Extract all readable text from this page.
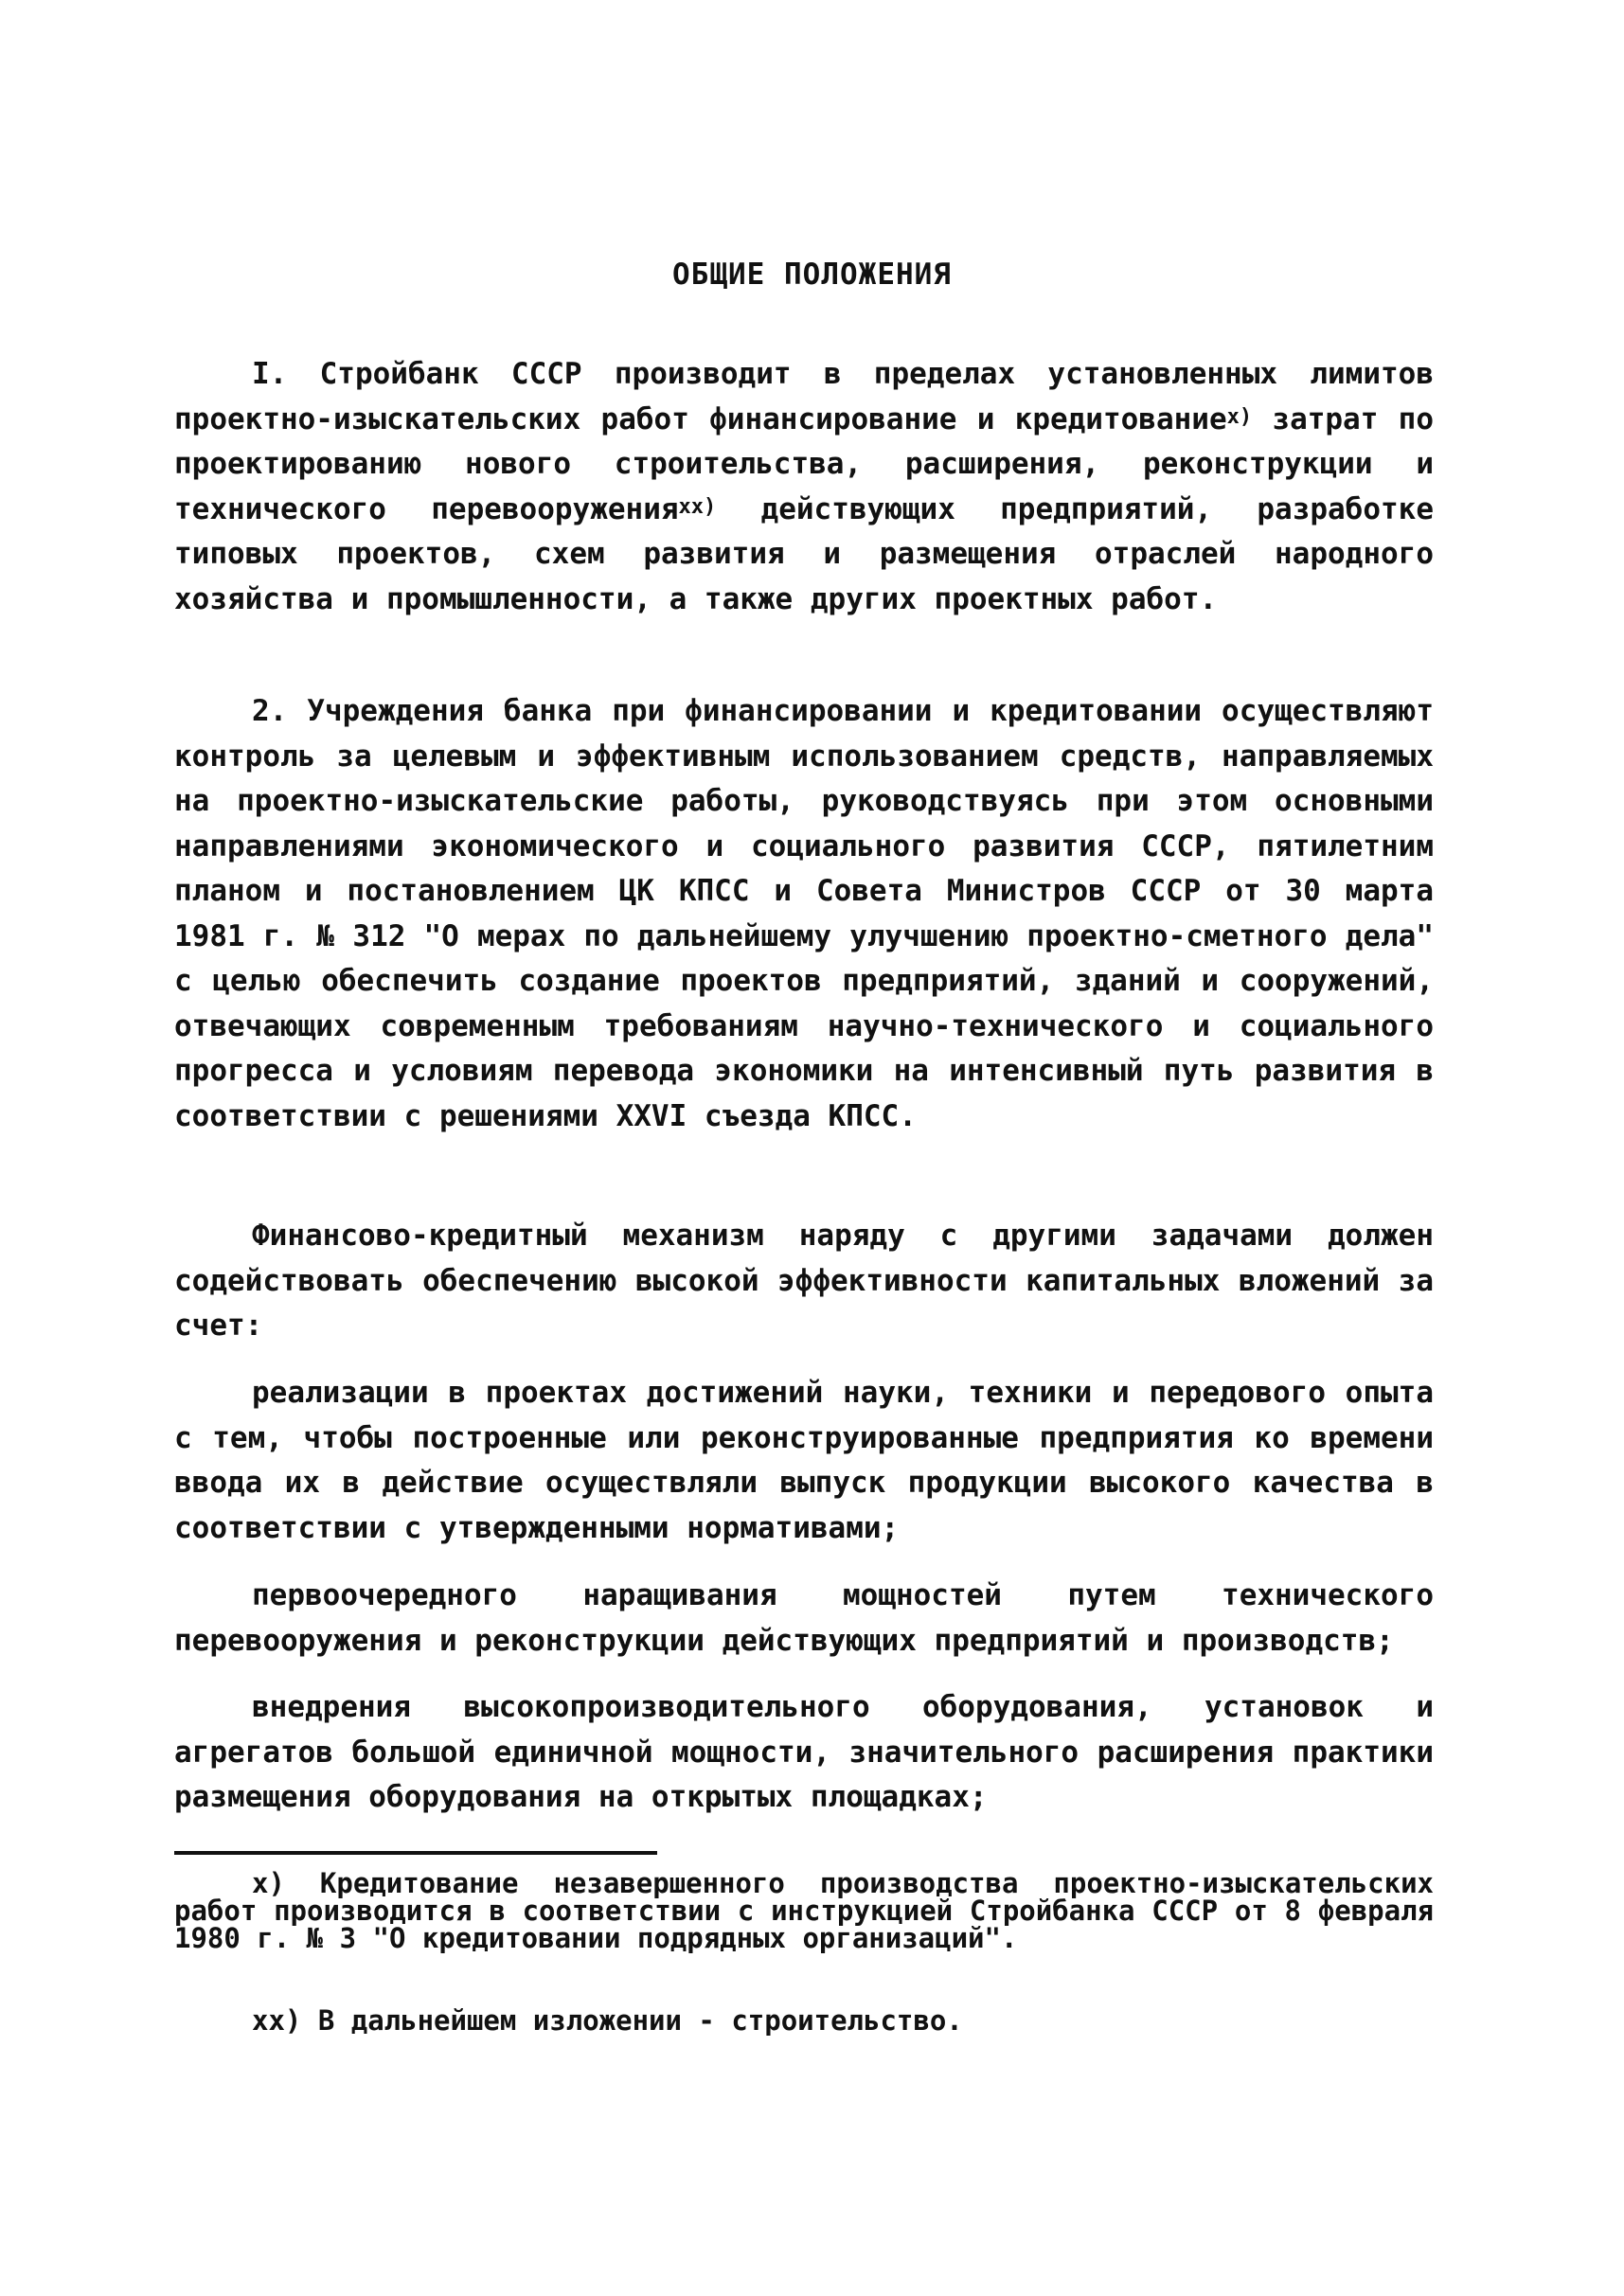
ОБЩИЕ ПОЛОЖЕНИЯ

I. Стройбанк СССР производит в пределах установленных лимитов проектно-изыскательских работ финансирование и кредитование$^{x)}$ затрат по проектированию нового строительства, расширения, реконструкции и технического перевооружения$^{xx)}$ действующих предприятий, разработке типовых проектов, схем развития и размещения отраслей народного хозяйства и промышленности, а также других проектных работ.

2. Учреждения банка при финансировании и кредитовании осуществляют контроль за целевым и эффективным использованием средств, направляемых на проектно-изыскательские работы, руководствуясь при этом основными направлениями экономического и социального развития СССР, пятилетним планом и постановлением ЦК КПСС и Совета Министров СССР от 30 марта 1981 г. № 312 "О мерах по дальнейшему улучшению проектно-сметного дела" с целью обеспечить создание проектов предприятий, зданий и сооружений, отвечающих современным требованиям научно-технического и социального прогресса и условиям перевода экономики на интенсивный путь развития в соответствии с решениями XXVI съезда КПСС.

Финансово-кредитный механизм наряду с другими задачами должен содействовать обеспечению высокой эффективности капитальных вложений за счет:

реализации в проектах достижений науки, техники и передового опыта с тем, чтобы построенные или реконструированные предприятия ко времени ввода их в действие осуществляли выпуск продукции высокого качества в соответствии с утвержденными нормативами;

первоочередного наращивания мощностей путем технического перевооружения и реконструкции действующих предприятий и производств;

внедрения высокопроизводительного оборудования, установок и агрегатов большой единичной мощности, значительного расширения практики размещения оборудования на открытых площадках;

x) Кредитование незавершенного производства проектно-изыскательских работ производится в соответствии с инструкцией Стройбанка СССР от 8 февраля 1980 г. № 3 "О кредитовании подрядных организаций".

xx) В дальнейшем изложении - строительство.
